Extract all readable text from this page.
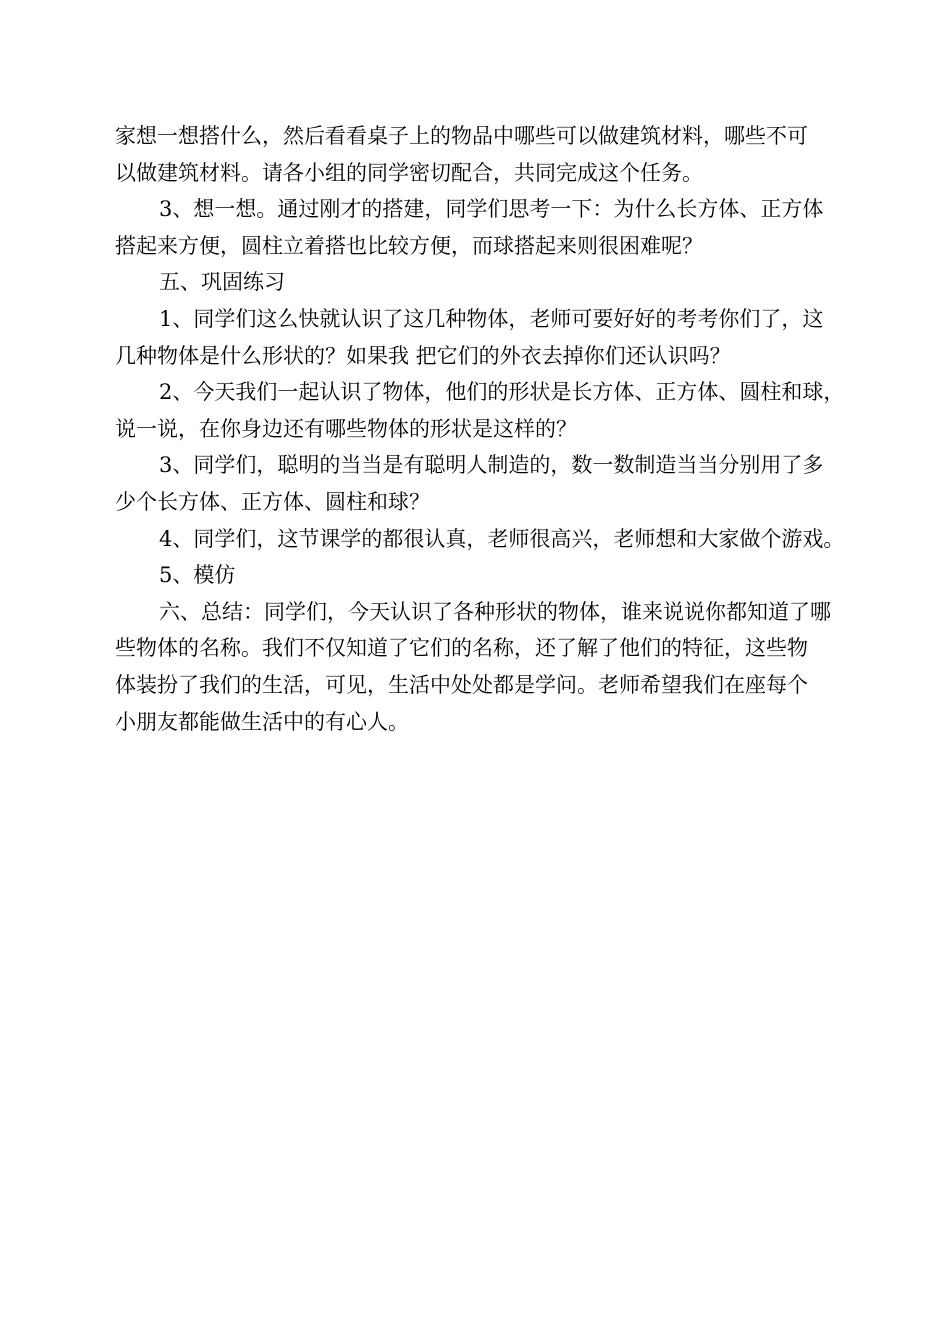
家想一想搭什么，然后看看桌子上的物品中哪些可以做建筑材料，哪些不可
以做建筑材料。请各小组的同学密切配合，共同完成这个任务。
3、想一想。通过刚才的搭建，同学们思考一下：为什么长方体、正方体
搭起来方便，圆柱立着搭也比较方便，而球搭起来则很困难呢？
五、巩固练习
1、同学们这么快就认识了这几种物体，老师可要好好的考考你们了，这
几种物体是什么形状的？如果我 把它们的外衣去掉你们还认识吗？
2、今天我们一起认识了物体，他们的形状是长方体、正方体、圆柱和球，
说一说，在你身边还有哪些物体的形状是这样的？
3、同学们，聪明的当当是有聪明人制造的，数一数制造当当分别用了多
少个长方体、正方体、圆柱和球？
4、同学们，这节课学的都很认真，老师很高兴，老师想和大家做个游戏。
5、模仿
六、总结：同学们，今天认识了各种形状的物体，谁来说说你都知道了哪
些物体的名称。我们不仅知道了它们的名称，还了解了他们的特征，这些物
体装扮了我们的生活，可见，生活中处处都是学问。老师希望我们在座每个
小朋友都能做生活中的有心人。
